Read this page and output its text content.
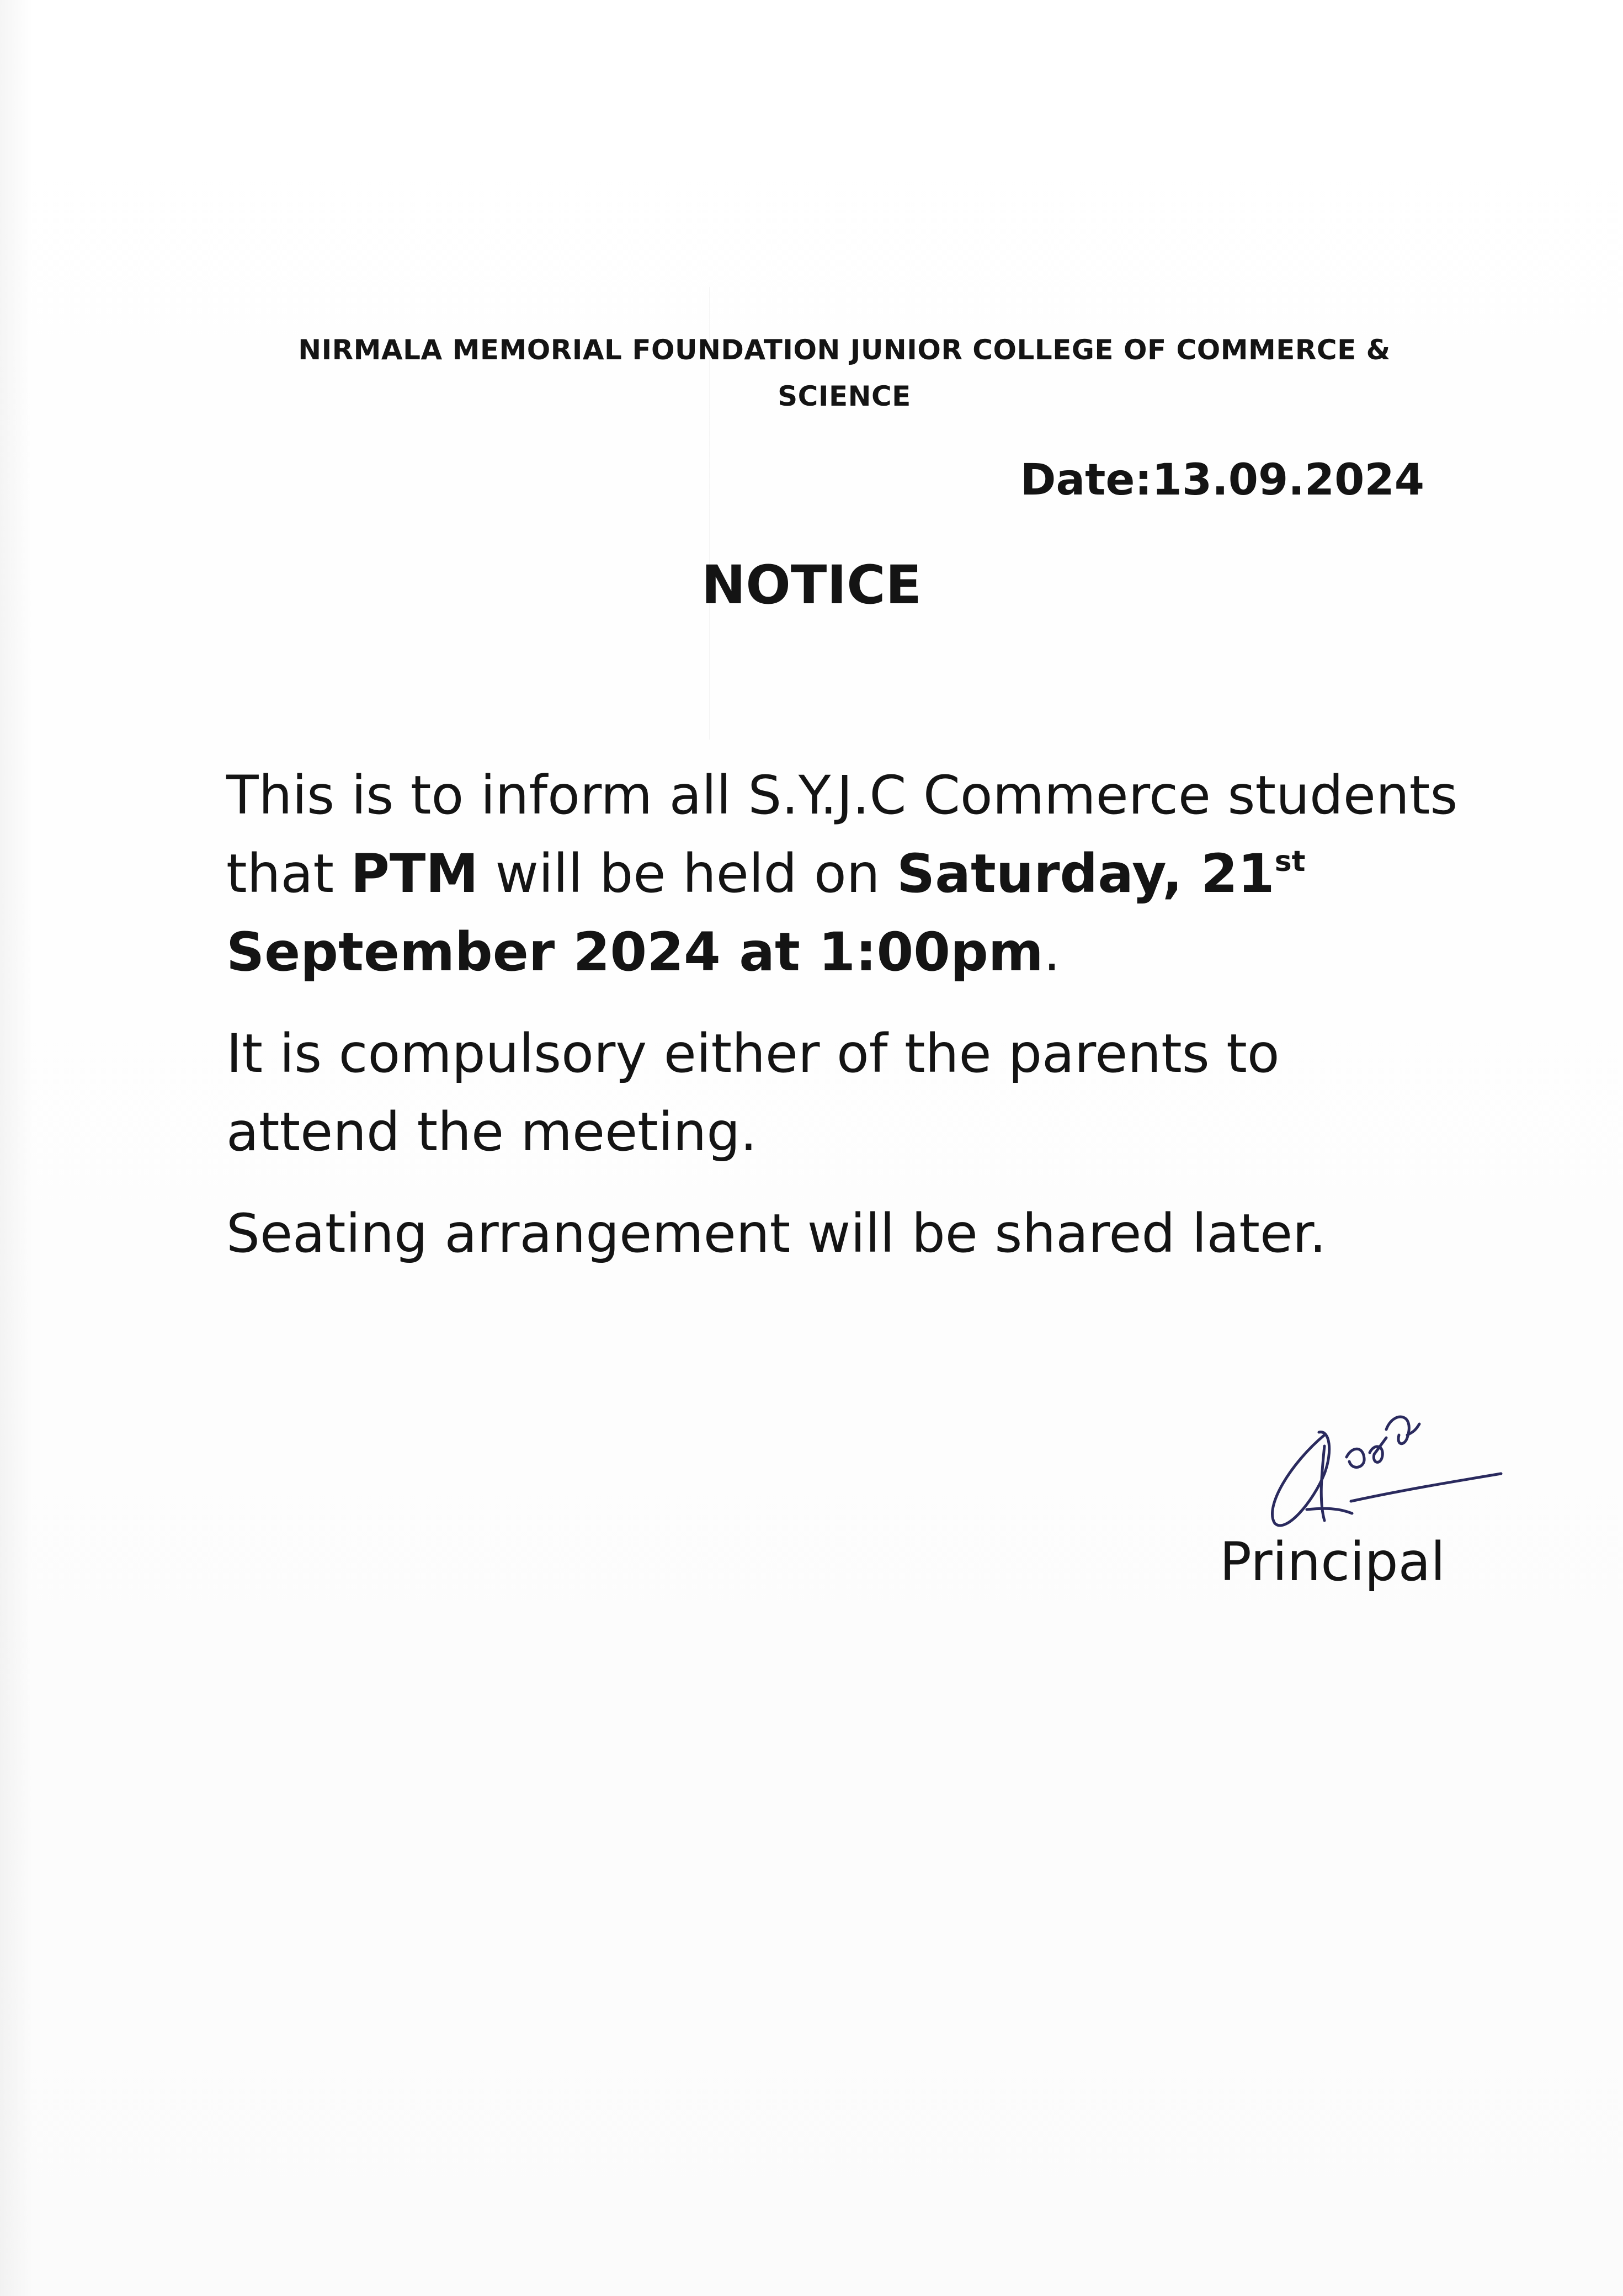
NIRMALA MEMORIAL FOUNDATION JUNIOR COLLEGE OF COMMERCE & SCIENCE
Date:13.09.2024
NOTICE

This is to inform all S.Y.J.C Commerce students that PTM will be held on Saturday, 21st September 2024 at 1:00pm.

It is compulsory either of the parents to attend the meeting.

Seating arrangement will be shared later.

Principal
